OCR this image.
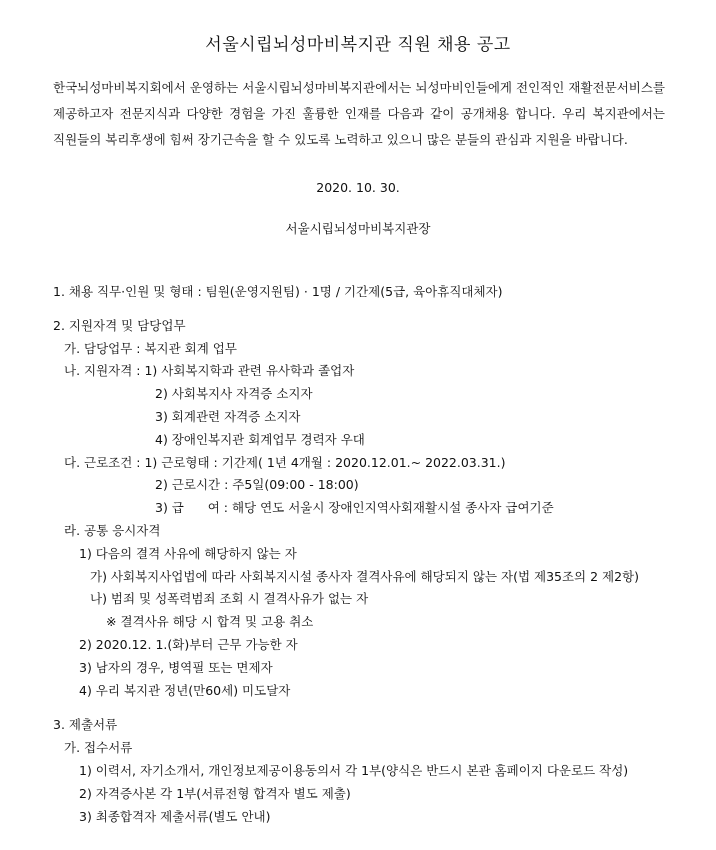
서울시립뇌성마비복지관 직원 채용 공고

한국뇌성마비복지회에서 운영하는 서울시립뇌성마비복지관에서는 뇌성마비인들에게 전인적인 재활전문서비스를 제공하고자 전문지식과 다양한 경험을 가진 훌륭한 인재를 다음과 같이 공개채용 합니다. 우리 복지관에서는 직원들의 복리후생에 힘써 장기근속을 할 수 있도록 노력하고 있으니 많은 분들의 관심과 지원을 바랍니다.

2020. 10. 30.
서울시립뇌성마비복지관장
1. 채용 직무·인원 및 형태 : 팀원(운영지원팀) · 1명 / 기간제(5급, 육아휴직대체자)
2. 지원자격 및 담당업무
가. 담당업무 : 복지관 회계 업무
나. 지원자격 : 1) 사회복지학과 관련 유사학과 졸업자
2) 사회복지사 자격증 소지자
3) 회계관련 자격증 소지자
4) 장애인복지관 회계업무 경력자 우대
다. 근로조건 : 1) 근로형태 : 기간제( 1년 4개월 : 2020.12.01.~ 2022.03.31.)
2) 근로시간 : 주5일(09:00 - 18:00)
3) 급      여 : 해당 연도 서울시 장애인지역사회재활시설 종사자 급여기준
라. 공통 응시자격
1) 다음의 결격 사유에 해당하지 않는 자
가) 사회복지사업법에 따라 사회복지시설 종사자 결격사유에 해당되지 않는 자(법 제35조의 2 제2항)
나) 범죄 및 성폭력범죄 조회 시 결격사유가 없는 자
※ 결격사유 해당 시 합격 및 고용 취소
2) 2020.12. 1.(화)부터 근무 가능한 자
3) 남자의 경우, 병역필 또는 면제자
4) 우리 복지관 정년(만60세) 미도달자
3. 제출서류
가. 접수서류
1) 이력서, 자기소개서, 개인정보제공이용동의서 각 1부(양식은 반드시 본관 홈페이지 다운로드 작성)
2) 자격증사본 각 1부(서류전형 합격자 별도 제출)
3) 최종합격자 제출서류(별도 안내)
